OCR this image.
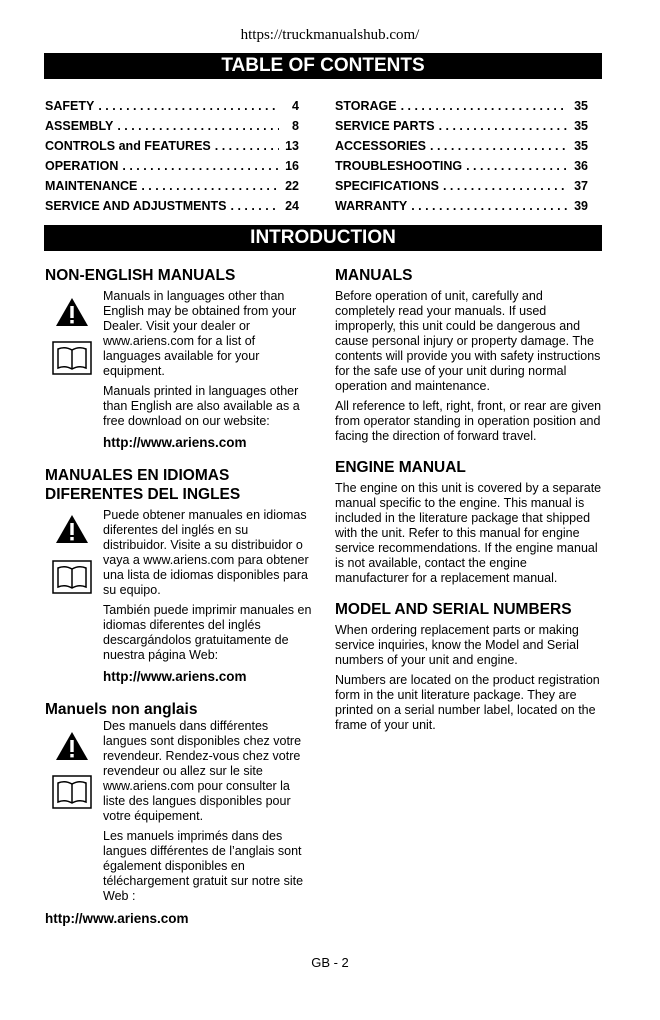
https://truckmanualshub.com/
TABLE OF CONTENTS
SAFETY . . .	4
ASSEMBLY . . .	8
CONTROLS and FEATURES . . .	13
OPERATION . . .	16
MAINTENANCE . . .	22
SERVICE AND ADJUSTMENTS . . .	24
STORAGE . . .	35
SERVICE PARTS . . .	35
ACCESSORIES . . .	35
TROUBLESHOOTING . . .	36
SPECIFICATIONS . . .	37
WARRANTY . . .	39
INTRODUCTION
NON-ENGLISH MANUALS

Manuals in languages other than English may be obtained from your Dealer. Visit your dealer or www.ariens.com for a list of languages available for your equipment.

Manuals printed in languages other than English are also available as a free download on our website:

http://www.ariens.com
MANUALES EN IDIOMAS DIFERENTES DEL INGLES

Puede obtener manuales en idiomas diferentes del inglés en su distribuidor. Visite a su distribuidor o vaya a www.ariens.com para obtener una lista de idiomas disponibles para su equipo.

También puede imprimir manuales en idiomas diferentes del inglés descargándolos gratuitamente de nuestra página Web:

http://www.ariens.com
Manuels non anglais

Des manuels dans différentes langues sont disponibles chez votre revendeur. Rendez-vous chez votre revendeur ou allez sur le site www.ariens.com pour consulter la liste des langues disponibles pour votre équipement.

Les manuels imprimés dans des langues différentes de l’anglais sont également disponibles en téléchargement gratuit sur notre site Web :

http://www.ariens.com
MANUALS

Before operation of unit, carefully and completely read your manuals. If used improperly, this unit could be dangerous and cause personal injury or property damage. The contents will provide you with safety instructions for the safe use of your unit during normal operation and maintenance.

All reference to left, right, front, or rear are given from operator standing in operation position and facing the direction of forward travel.

ENGINE MANUAL

The engine on this unit is covered by a separate manual specific to the engine. This manual is included in the literature package that shipped with the unit. Refer to this manual for engine service recommendations. If the engine manual is not available, contact the engine manufacturer for a replacement manual.

MODEL AND SERIAL NUMBERS

When ordering replacement parts or making service inquiries, know the Model and Serial numbers of your unit and engine.

Numbers are located on the product registration form in the unit literature package. They are printed on a serial number label, located on the frame of your unit.

GB - 2
